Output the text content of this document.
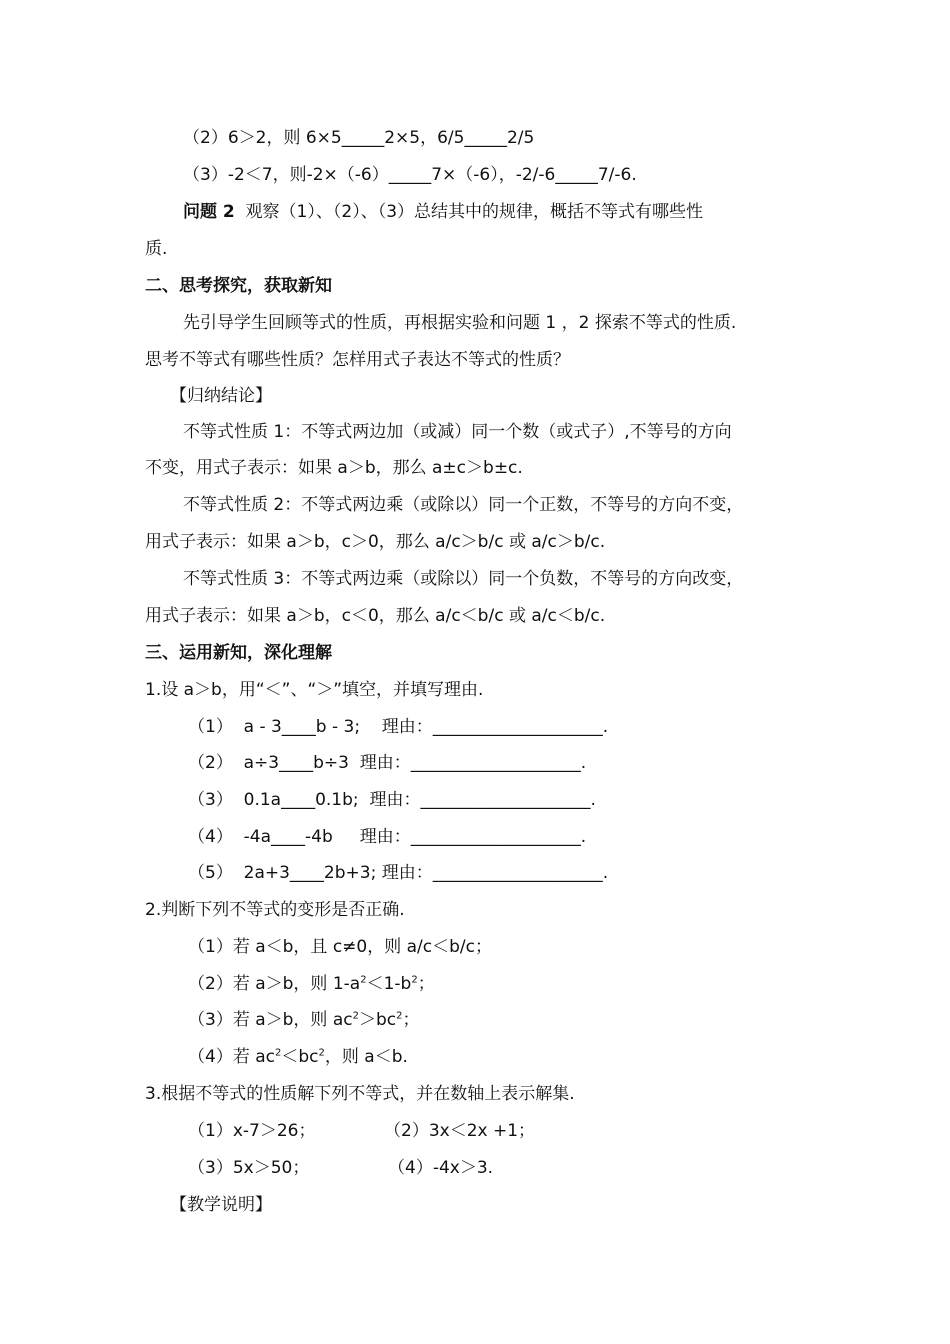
（2）6＞2，则 6×5_____2×5，6/5_____2/5
（3）-2＜7，则-2×（-6）_____7×（-6），-2/-6_____7/-6.
问题 2  观察（1）、（2）、（3）总结其中的规律，概括不等式有哪些性
质.
二、思考探究，获取新知
先引导学生回顾等式的性质，再根据实验和问题 1 ，2 探索不等式的性质.
思考不等式有哪些性质？怎样用式子表达不等式的性质？
【归纳结论】
不等式性质 1：不等式两边加（或减）同一个数（或式子）,不等号的方向
不变，用式子表示：如果 a＞b，那么 a±c＞b±c.
不等式性质 2：不等式两边乘（或除以）同一个正数，不等号的方向不变，
用式子表示：如果 a＞b，c＞0，那么 a/c＞b/c 或 a/c＞b/c.
不等式性质 3：不等式两边乘（或除以）同一个负数，不等号的方向改变，
用式子表示：如果 a＞b，c＜0，那么 a/c＜b/c 或 a/c＜b/c.
三、运用新知，深化理解
1.设 a＞b，用“＜”、“＞”填空，并填写理由.
（1）  a - 3____b - 3;    理由：____________________.
（2）  a÷3____b÷3  理由：____________________.
（3）  0.1a____0.1b;  理由：____________________.
（4）  -4a____-4b     理由：____________________.
（5）  2a+3____2b+3; 理由：____________________.
2.判断下列不等式的变形是否正确.
（1）若 a＜b，且 c≠0，则 a/c＜b/c；
（2）若 a＞b，则 $1-a^2<1-b^2$；
（3）若 a＞b，则 $ac^2>bc^2$；
（4）若 $ac^2<bc^2$，则 a＜b.
3.根据不等式的性质解下列不等式，并在数轴上表示解集.
（1）x-7＞26；	（2）3x＜2x +1；
（3）5x＞50；	（4）-4x＞3.
【教学说明】
